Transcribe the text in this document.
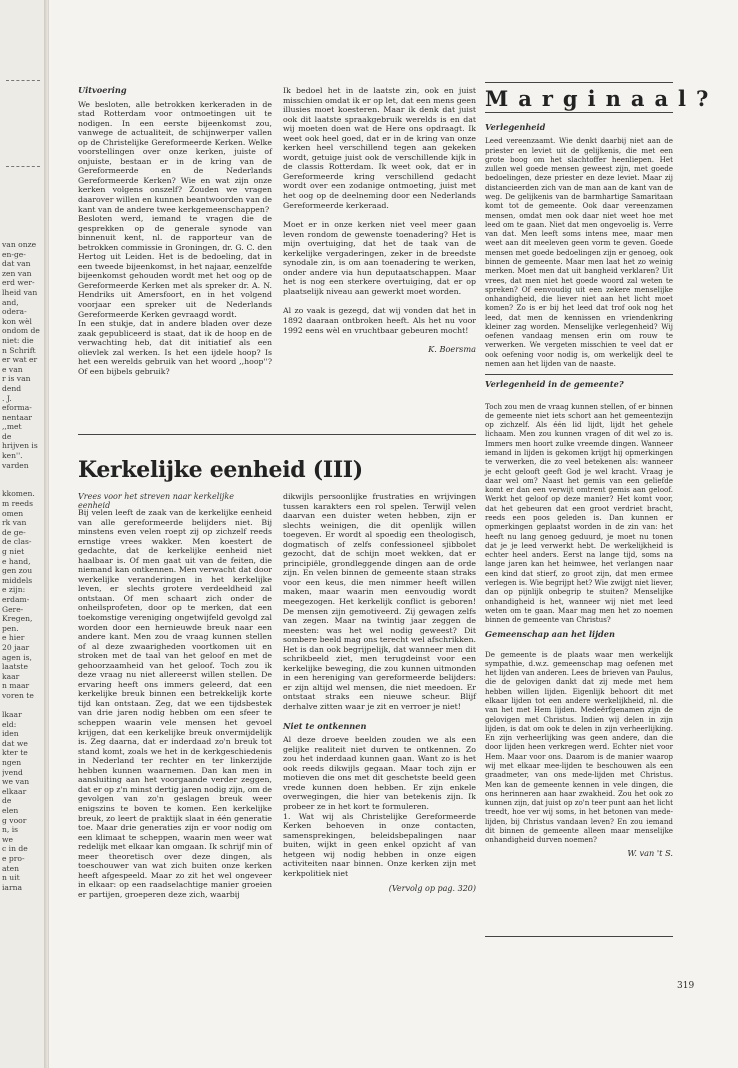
van onze
en-ge-
dat van
zen van
erd wer-
lheid van
and,
odera-
kon wèl
ondom de
niet: die
n Schrift
er wat er
e van
r is van
dend
. J.
eforma-
nentaar
,,met
de
hrijven is
ken''.
varden
kkomen.
m reeds
omen
rk van
de ge-
de clas-
g niet
e hand,
gen zou
middels
e zijn:
erdam-
Gere-
Kregen,
pen.
e hier
20 jaar
agen is,
laatste
kaar
n maar
voren te
lkaar
eld:
iden
dat we
kter te
ngen
jvend
we van
elkaar
de
elen
g voor
n, is
we
c in de
e pro-
aten
n uit
iarna
Uitvoering

We besloten, alle betrokken kerkeraden in de stad Rotterdam voor ontmoetingen uit te nodigen. In een eerste bijeenkomst zou, vanwege de actualiteit, de schijnwerper vallen op de Christelijke Gereformeerde Kerken. Welke voorstellingen over onze kerken, juiste of onjuiste, bestaan er in de kring van de Gereformeerde en de Nederlands Gereformeerde Kerken? Wie en wat zijn onze kerken volgens onszelf? Zouden we vragen daarover willen en kunnen beantwoorden van de kant van de andere twee kerkgemeenschappen?

Besloten werd, iemand te vragen die de gesprekken op de generale synode van binnenuit kent, nl. de rapporteur van de betrokken commissie in Groningen, dr. G. C. den Hertog uit Leiden. Het is de bedoeling, dat in een tweede bijeenkomst, in het najaar, eenzelfde bijeenkomst gehouden wordt met het oog op de Gereformeerde Kerken met als spreker dr. A. N. Hendriks uit Amersfoort, en in het volgend voorjaar een spreker uit de Nederlands Gereformeerde Kerken gevraagd wordt.

In een stukje, dat in andere bladen over deze zaak gepubliceerd is staat, dat ik de hoop en de verwachting heb, dat dit initiatief als een olievlek zal werken. Is het een ijdele hoop? Is het een werelds gebruik van het woord ,,hoop''? Of een bijbels gebruik?

Ik bedoel het in de laatste zin, ook en juist misschien omdat ik er op let, dat een mens geen illusies moet koesteren. Maar ik denk dat juist ook dit laatste spraakgebruik werelds is en dat wij moeten doen wat de Here ons opdraagt. Ik weet ook heel goed, dat er in de kring van onze kerken heel verschillend tegen aan gekeken wordt, getuige juist ook de verschillende kijk in de classis Rotterdam. Ik weet ook, dat er in Gereformeerde kring verschillend gedacht wordt over een zodanige ontmoeting, juist met het oog op de deelneming door een Nederlands Gereformeerde kerkeraad.

Moet er in onze kerken niet veel meer gaan leven rondom de gewenste toenadering? Het is mijn overtuiging, dat het de taak van de kerkelijke vergaderingen, zeker in de breedste synodale zin, is om aan toenadering te werken, onder andere via hun deputaatschappen. Maar het is nog een sterkere overtuiging, dat er op plaatselijk niveau aan gewerkt moet worden.

Al zo vaak is gezegd, dat wij vonden dat het in 1892 daaraan ontbroken heeft. Als het nu voor 1992 eens wèl en vruchtbaar gebeuren mocht!

K. Boersma
Kerkelijke eenheid (III)
Vrees voor het streven naar kerkelijke eenheid

Bij velen leeft de zaak van de kerkelijke eenheid van alle gereformeerde belijders niet. Bij minstens even velen roept zij op zichzelf reeds ernstige vrees wakker. Men koestert de gedachte, dat de kerkelijke eenheid niet haalbaar is. Of men gaat uit van de feiten, die niemand kan ontkennen. Men verwacht dat door werkelijke veranderingen in het kerkelijke leven, er slechts grotere verdeeldheid zal ontstaan. Of men schaart zich onder de onheilsprofeten, door op te merken, dat een toekomstige vereniging ongetwijfeld gevolgd zal worden door een hernieuwde breuk naar een andere kant. Men zou de vraag kunnen stellen of al deze zwaarigheden voortkomen uit en stroken met de taal van het geloof en met de gehoorzaamheid van het geloof. Toch zou ik deze vraag nu niet allereerst willen stellen. De ervaring heeft ons immers geleerd, dat een kerkelijke breuk binnen een betrekkelijk korte tijd kan ontstaan. Zeg, dat we een tijdsbestek van drie jaren nodig hebben om een sfeer te scheppen waarin vele mensen het gevoel krijgen, dat een kerkelijke breuk onvermijdelijk is. Zeg daarna, dat er inderdaad zo'n breuk tot stand komt, zoals we het in de kerkgeschiedenis in Nederland ter rechter en ter linkerzijde hebben kunnen waarnemen. Dan kan men in aansluiting aan het voorgaande verder zeggen, dat er op z'n minst dertig jaren nodig zijn, om de gevolgen van zo'n geslagen breuk weer enigszins te boven te komen. Een kerkelijke breuk, zo leert de praktijk slaat in één generatie toe. Maar drie generaties zijn er voor nodig om een klimaat te scheppen, waarin men weer wat redelijk met elkaar kan omgaan. Ik schrijf min of meer theoretisch over deze dingen, als toeschouwer van wat zich buiten onze kerken heeft afgespeeld. Maar zo zit het wel ongeveer in elkaar: op een raadselachtige manier groeien er partijen, groeperen deze zich, waarbij

dikwijls persoonlijke frustraties en wrijvingen tussen karakters een rol spelen. Terwijl velen daarvan een duister weten hebben, zijn er slechts weinigen, die dit openlijk willen toegeven. Er wordt al spoedig een theologisch, dogmatisch of zelfs confessioneel sjibbolet gezocht, dat de schijn moet wekken, dat er principiële, grondleggende dingen aan de orde zijn. En velen binnen de gemeente staan straks voor een keus, die men nimmer heeft willen maken, maar waarin men eenvoudig wordt meegezogen. Het kerkelijk conflict is geboren! De mensen zijn gemotiveerd. Zij gewagen zelfs van zegen. Maar na twintig jaar zeggen de meesten: was het wel nodig geweest? Dit sombere beeld mag ons terecht wel afschrikken. Het is dan ook begrijpelijk, dat wanneer men dit schrikbeeld ziet, men terugdeinst voor een kerkelijke beweging, die zou kunnen uitmonden in een hereniging van gereformeerde belijders: er zijn altijd wel mensen, die niet meedoen. Er ontstaat straks een nieuwe scheur. Blijf derhalve zitten waar je zit en verroer je niet!

Niet te ontkennen

Al deze droeve beelden zouden we als een gelijke realiteit niet durven te ontkennen. Zo zou het inderdaad kunnen gaan. Want zo is het ook reeds dikwijls gegaan. Maar toch zijn er motieven die ons met dit geschetste beeld geen vrede kunnen doen hebben. Er zijn enkele overwegingen, die hier van betekenis zijn. Ik probeer ze in het kort te formuleren.

1. Wat wij als Christelijke Gereformeerde Kerken behoeven in onze contacten, samensprekingen, beleidsbepalingen naar buiten, wijkt in geen enkel opzicht af van hetgeen wij nodig hebben in onze eigen activiteiten naar binnen. Onze kerken zijn met kerkpolitiek niet

(Vervolg op pag. 320)
Marginaal?
Verlegenheid

Leed vereenzaamt. Wie denkt daarbij niet aan de priester en leviet uit de gelijkenis, die met een grote boog om het slachtoffer heenliepen. Het zullen wel goede mensen geweest zijn, met goede bedoelingen, deze priester en deze leviet. Maar zij distancieerden zich van de man aan de kant van de weg. De gelijkenis van de barmhartige Samaritaan komt tot de gemeente. Ook daar vereenzamen mensen, omdat men ook daar niet weet hoe met leed om te gaan. Niet dat men ongevoelig is. Verre van dat. Men leeft soms intens mee, maar men weet aan dit meeleven geen vorm te geven. Goede mensen met goede bedoelingen zijn er genoeg, ook binnen de gemeente. Maar men laat het zo weinig merken. Moet men dat uit bangheid verklaren? Uit vrees, dat men niet het goede woord zal weten te spreken? Of eenvoudig uit een zekere menselijke onhandigheid, die liever niet aan het licht moet komen? Zo is er bij het leed dat trof ook nog het leed, dat men de kennissen en vriendenkring kleiner zag worden. Menselijke verlegenheid? Wij oefenen vandaag mensen erin om rouw te verwerken. We vergeten misschien te veel dat er ook oefening voor nodig is, om werkelijk deel te nemen aan het lijden van de naaste.

Verlegenheid in de gemeente?

Toch zou men de vraag kunnen stellen, of er binnen de gemeente niet iets schort aan het gemeentezijn op zichzelf. Als één lid lijdt, lijdt het gehele lichaam. Men zou kunnen vragen of dit wel zo is. Immers men hoort zulke vreemde dingen. Wanneer iemand in lijden is gekomen krijgt hij opmerkingen te verwerken, die zo veel betekenen als: wanneer je echt gelooft geeft God je wel kracht. Vraag je daar wel om? Naast het gemis van een geliefde komt er dan een verwijt omtrent gemis aan geloof. Werkt het geloof op deze manier? Het komt voor, dat het gebeuren dat een groot verdriet bracht, reeds een poos geleden is. Dan kunnen er opmerkingen geplaatst worden in de zin van: het heeft nu lang genoeg geduurd, je moet nu tonen dat je je leed verwerkt hebt. De werkelijkheid is echter heel anders. Eerst na lange tijd, soms na lange jaren kan het heimwee, het verlangen naar een kind dat stierf, zo groot zijn, dat men ermee verlegen is. Wie begrijpt het? Wie zwijgt niet liever, dan op pijnlijk onbegrip te stuiten? Menselijke onhandigheid is het, wanneer wij niet met leed weten om te gaan. Maar mag men het zo noemen binnen de gemeente van Christus?

Gemeenschap aan het lijden

De gemeente is de plaats waar men werkelijk sympathie, d.w.z. gemeenschap mag oefenen met het lijden van anderen. Lees de brieven van Paulus, die de gelovigen dankt dat zij mede met hem hebben willen lijden. Eigenlijk behoort dit met elkaar lijden tot een andere werkelijkheid, nl. die van het met Hem lijden. Medeërfgenamen zijn de gelovigen met Christus. Indien wij delen in zijn lijden, is dat om ook te delen in zijn verheerlijking. En zijn verheerlijking was geen andere, dan die door lijden heen verkregen werd. Echter niet voor Hem. Maar voor ons. Daarom is de manier waarop wij met elkaar mee-lijden te beschouwen als een graadmeter, van ons mede-lijden met Christus. Men kan de gemeente kennen in vele dingen, die ons herinneren aan haar zwakheid. Zou het ook zo kunnen zijn, dat juist op zo'n teer punt aan het licht treedt, hoe ver wij soms, in het betonen van mede-lijden, bij Christus vandaan leven? En zou iemand dit binnen de gemeente alleen maar menselijke onhandigheid durven noemen?

W. van 't S.
319
